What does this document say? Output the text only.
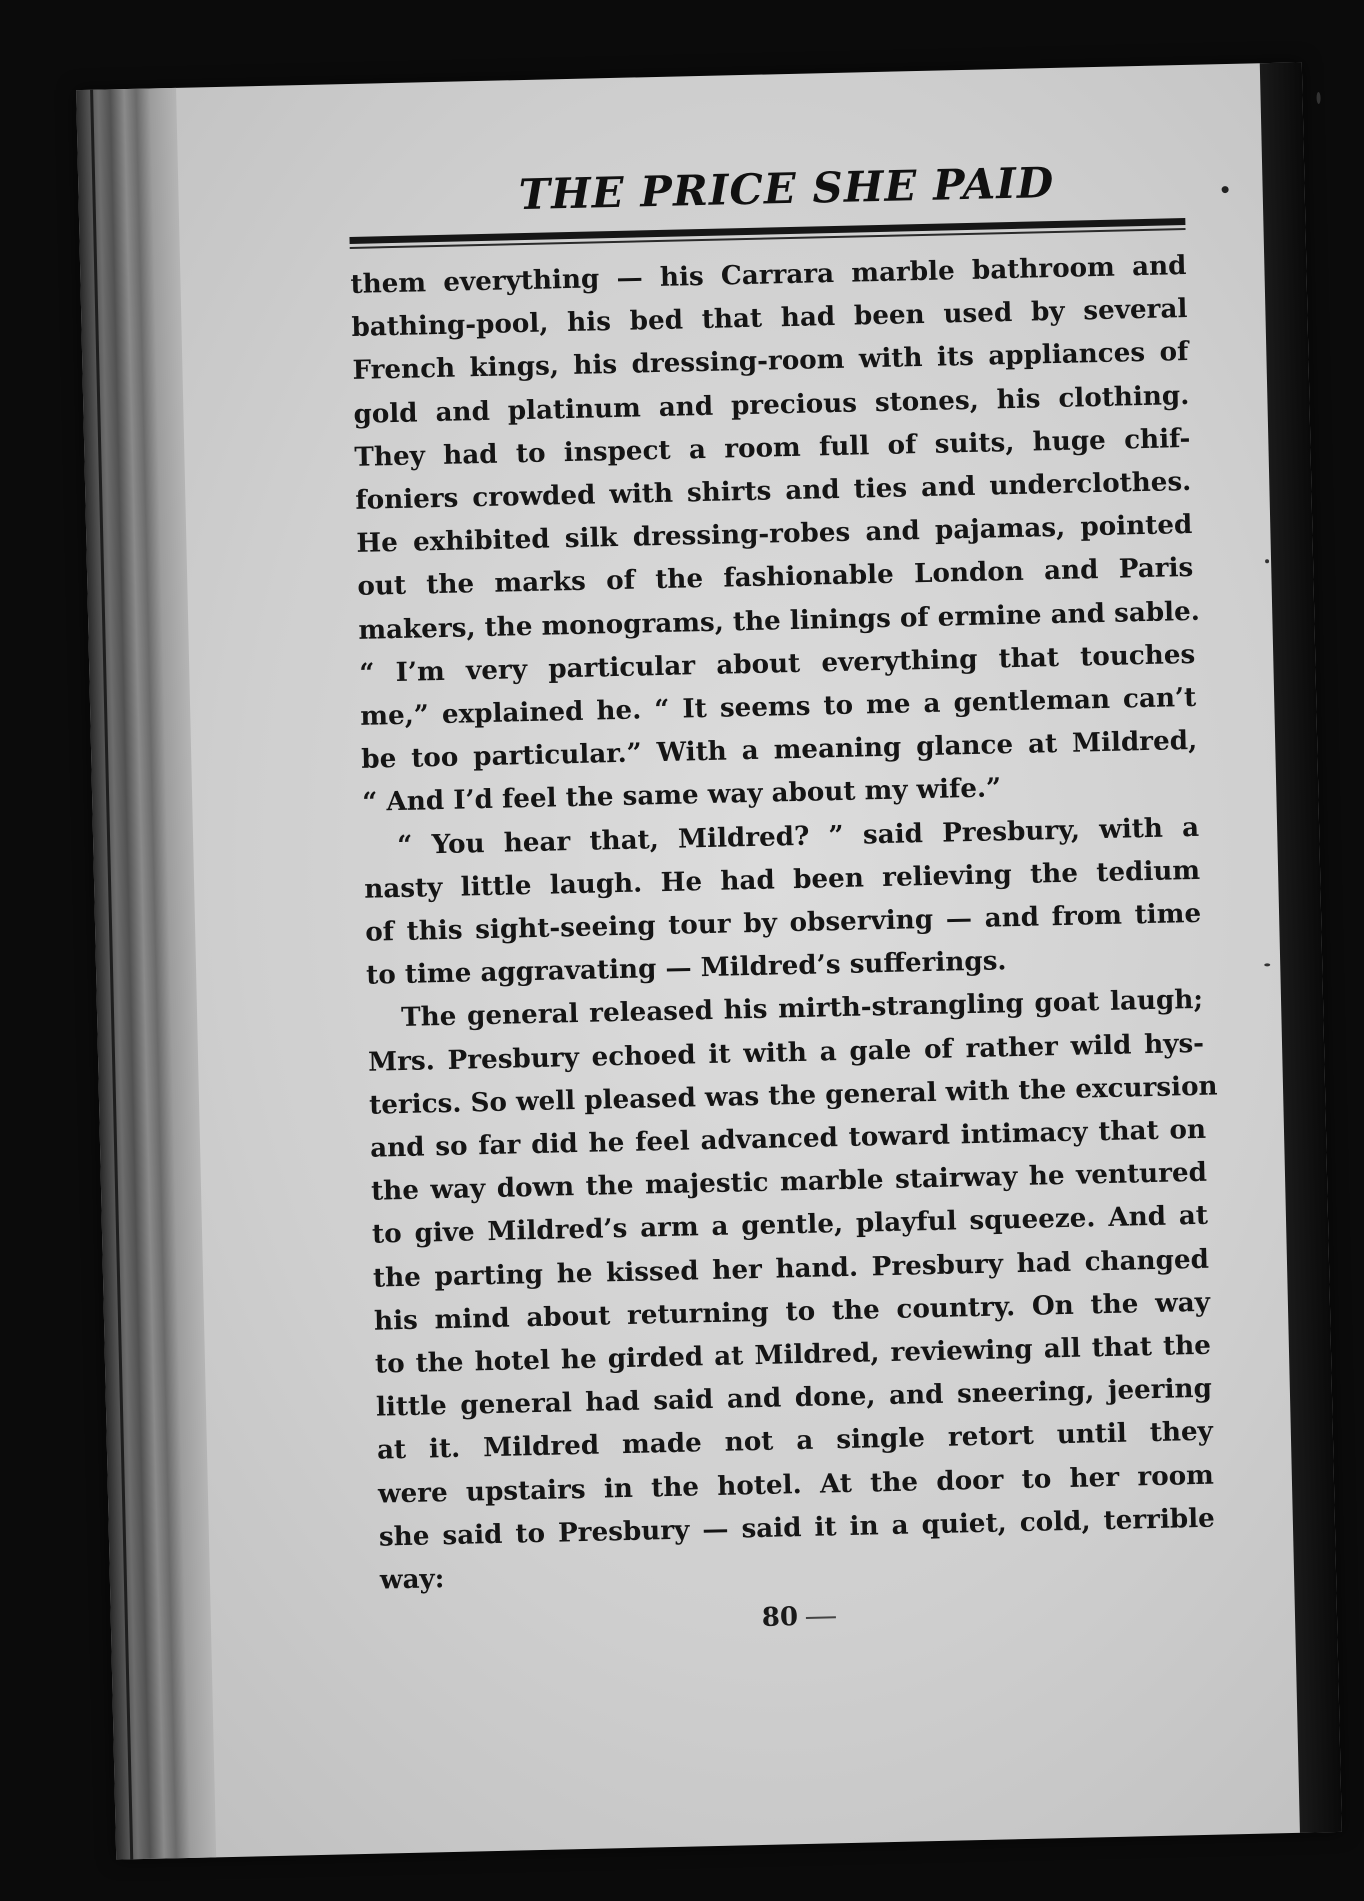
THE PRICE SHE PAID
them everything — his Carrara marble bathroom and
bathing-pool, his bed that had been used by several
French kings, his dressing-room with its appliances of
gold and platinum and precious stones, his clothing.
They had to inspect a room full of suits, huge chif-
foniers crowded with shirts and ties and underclothes.
He exhibited silk dressing-robes and pajamas, pointed
out the marks of the fashionable London and Paris
makers, the monograms, the linings of ermine and sable.
“ I’m very particular about everything that touches
me,” explained he. “ It seems to me a gentleman can’t
be too particular.” With a meaning glance at Mildred,
“ And I’d feel the same way about my wife.”
“ You hear that, Mildred? ” said Presbury, with a
nasty little laugh. He had been relieving the tedium
of this sight-seeing tour by observing — and from time
to time aggravating — Mildred’s sufferings.
The general released his mirth-strangling goat laugh;
Mrs. Presbury echoed it with a gale of rather wild hys-
terics. So well pleased was the general with the excursion
and so far did he feel advanced toward intimacy that on
the way down the majestic marble stairway he ventured
to give Mildred’s arm a gentle, playful squeeze. And at
the parting he kissed her hand. Presbury had changed
his mind about returning to the country. On the way
to the hotel he girded at Mildred, reviewing all that the
little general had said and done, and sneering, jeering
at it. Mildred made not a single retort until they
were upstairs in the hotel. At the door to her room
she said to Presbury — said it in a quiet, cold, terrible
way:
80
